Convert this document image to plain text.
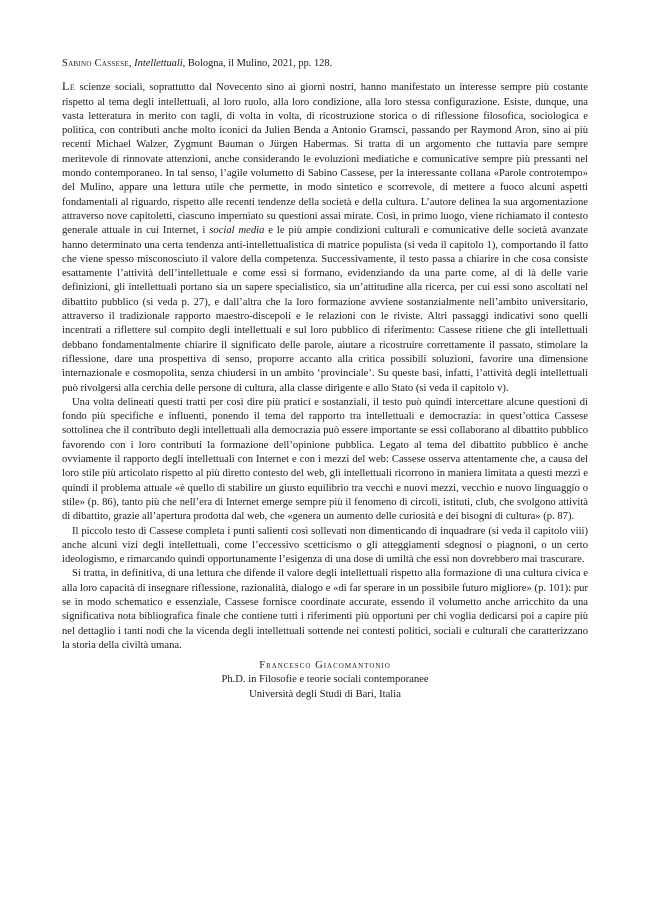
Sabino Cassese, Intellettuali, Bologna, il Mulino, 2021, pp. 128.

Le scienze sociali, soprattutto dal Novecento sino ai giorni nostri, hanno manifestato un interesse sempre più costante rispetto al tema degli intellettuali, al loro ruolo, alla loro condizione, alla loro stessa configurazione. Esiste, dunque, una vasta letteratura in merito con tagli, di volta in volta, di ricostruzione storica o di riflessione filosofica, sociologica e politica, con contributi anche molto iconici da Julien Benda a Antonio Gramsci, passando per Raymond Aron, sino ai più recenti Michael Walzer, Zygmunt Bauman o Jürgen Habermas. Si tratta di un argomento che tuttavia pare sempre meritevole di rinnovate attenzioni, anche considerando le evoluzioni mediatiche e comunicative sempre più pressanti nel mondo contemporaneo. In tal senso, l’agile volumetto di Sabino Cassese, per la interessante collana «Parole controtempo» del Mulino, appare una lettura utile che permette, in modo sintetico e scorrevole, di mettere a fuoco alcuni aspetti fondamentali al riguardo, rispetto alle recenti tendenze della società e della cultura. L’autore delinea la sua argomentazione attraverso nove capitoletti, ciascuno imperniato su questioni assai mirate. Così, in primo luogo, viene richiamato il contesto generale attuale in cui Internet, i social media e le più ampie condizioni culturali e comunicative delle società avanzate hanno determinato una certa tendenza anti-intellettualistica di matrice populista (si veda il capitolo 1), comportando il fatto che viene spesso misconosciuto il valore della competenza. Successivamente, il testo passa a chiarire in che cosa consiste esattamente l’attività dell’intellettuale e come essi si formano, evidenziando da una parte come, al di là delle varie definizioni, gli intellettuali portano sia un sapere specialistico, sia un’attitudine alla ricerca, per cui essi sono ascoltati nel dibattito pubblico (si veda p. 27), e dall’altra che la loro formazione avviene sostanzialmente nell’ambito universitario, attraverso il tradizionale rapporto maestro-discepoli e le relazioni con le riviste. Altri passaggi indicativi sono quelli incentrati a riflettere sul compito degli intellettuali e sul loro pubblico di riferimento: Cassese ritiene che gli intellettuali debbano fondamentalmente chiarire il significato delle parole, aiutare a ricostruire correttamente il passato, stimolare la riflessione, dare una prospettiva di senso, proporre accanto alla critica possibili soluzioni, favorire una dimensione internazionale e cosmopolita, senza chiudersi in un ambito ‘provinciale’. Su queste basi, infatti, l’attività degli intellettuali può rivolgersi alla cerchia delle persone di cultura, alla classe dirigente e allo Stato (si veda il capitolo v).

Una volta delineati questi tratti per così dire più pratici e sostanziali, il testo può quindi intercettare alcune questioni di fondo più specifiche e influenti, ponendo il tema del rapporto tra intellettuali e democrazia: in quest’ottica Cassese sottolinea che il contributo degli intellettuali alla democrazia può essere importante se essi collaborano al dibattito pubblico favorendo con i loro contributi la formazione dell’opinione pubblica. Legato al tema del dibattito pubblico è anche ovviamente il rapporto degli intellettuali con Internet e con i mezzi del web: Cassese osserva attentamente che, a causa del loro stile più articolato rispetto al più diretto contesto del web, gli intellettuali ricorrono in maniera limitata a questi mezzi e quindi il problema attuale «è quello di stabilire un giusto equilibrio tra vecchi e nuovi mezzi, vecchio e nuovo linguaggio o stile» (p. 86), tanto più che nell’era di Internet emerge sempre più il fenomeno di circoli, istituti, club, che svolgono attività di dibattito, grazie all’apertura prodotta dal web, che «genera un aumento delle curiosità e dei bisogni di cultura» (p. 87).

Il piccolo testo di Cassese completa i punti salienti così sollevati non dimenticando di inquadrare (si veda il capitolo viii) anche alcuni vizi degli intellettuali, come l’eccessivo scetticismo o gli atteggiamenti sdegnosi o piagnoni, o un certo ideologismo, e rimarcando quindi opportunamente l’esigenza di una dose di umiltà che essi non dovrebbero mai trascurare.

Si tratta, in definitiva, di una lettura che difende il valore degli intellettuali rispetto alla formazione di una cultura civica e alla loro capacità di insegnare riflessione, razionalità, dialogo e «di far sperare in un possibile futuro migliore» (p. 101): pur se in modo schematico e essenziale, Cassese fornisce coordinate accurate, essendo il volumetto anche arricchito da una significativa nota bibliografica finale che contiene tutti i riferimenti più opportuni per chi voglia dedicarsi poi a capire più nel dettaglio i tanti nodi che la vicenda degli intellettuali sottende nei contesti politici, sociali e culturali che caratterizzano la storia della civiltà umana.

Francesco Giacomantonio
Ph.D. in Filosofie e teorie sociali contemporanee
Università degli Studi di Bari, Italia
